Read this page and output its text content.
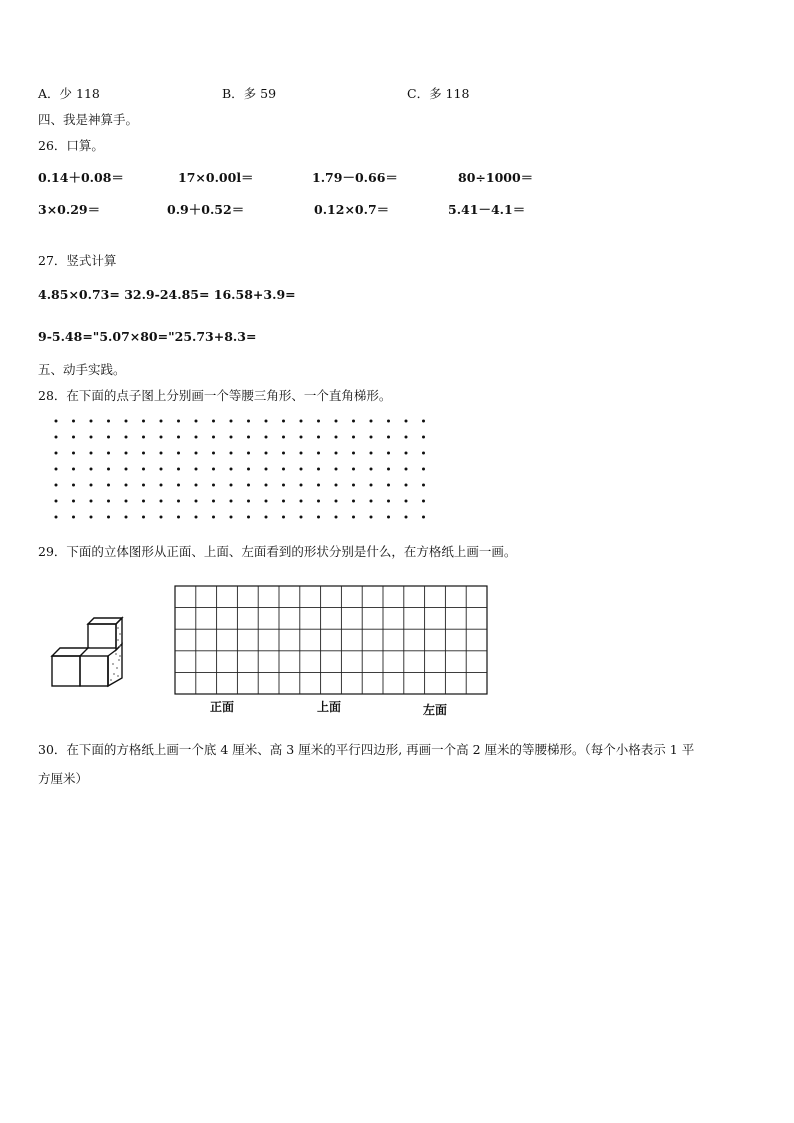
A．少 118	B．多 59	C．多 118
四、我是神算手。
26．口算。
0.14＋0.08＝	17×0.00l＝	1.79－0.66＝	80÷1000＝
3×0.29＝	0.9＋0.52＝	0.12×0.7＝	5.41－4.1＝
27．竖式计算
4.85×0.73= 32.9-24.85= 16.58+3.9=
9-5.48="5.07×80="25.73+8.3=
五、动手实践。
28．在下面的点子图上分别画一个等腰三角形、一个直角梯形。
29．下面的立体图形从正面、上面、左面看到的形状分别是什么，在方格纸上画一画。
正面	上面	左面
30．在下面的方格纸上画一个底 4 厘米、高 3 厘米的平行四边形, 再画一个高 2 厘米的等腰梯形。（每个小格表示 1 平
方厘米）
